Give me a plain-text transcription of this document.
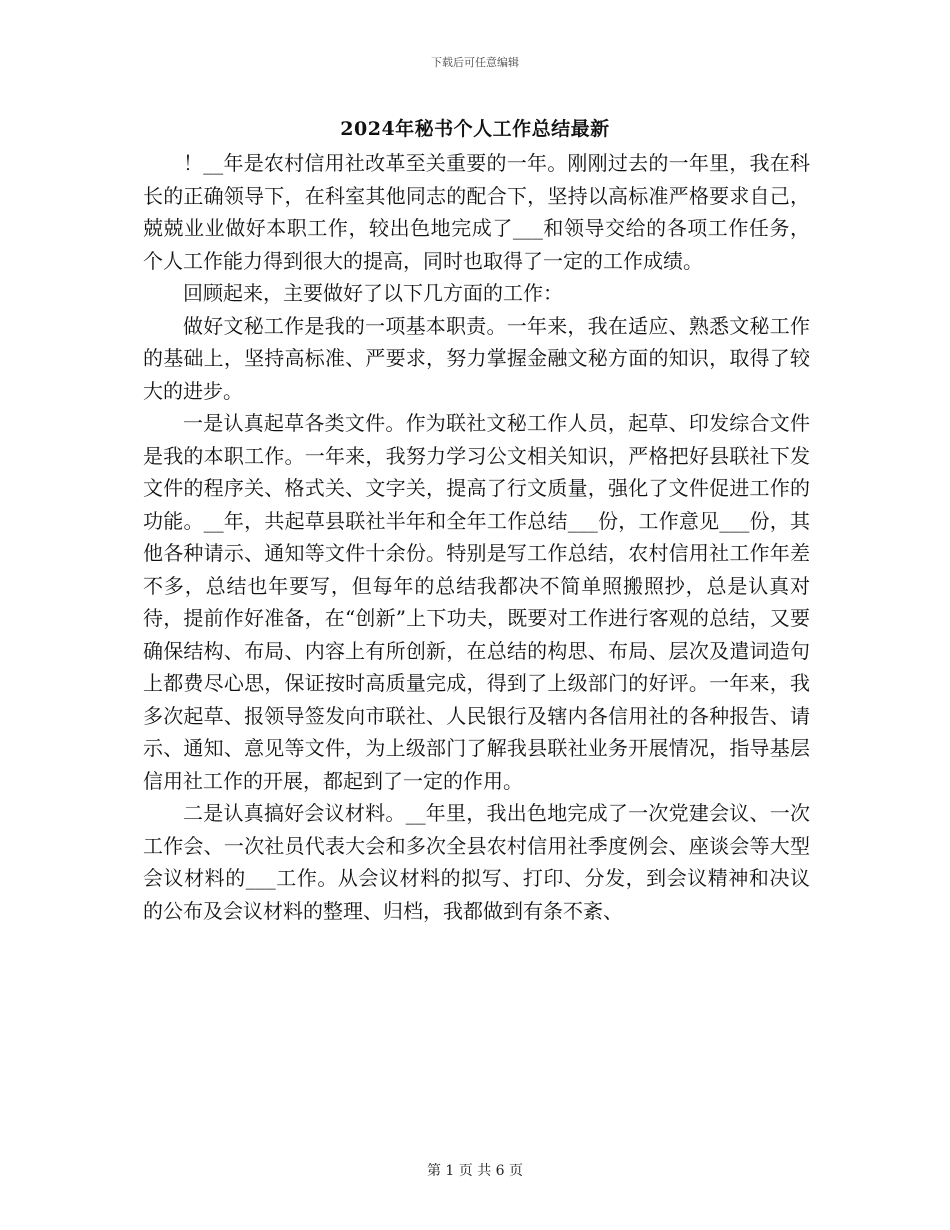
下载后可任意编辑
2024年秘书个人工作总结最新

！__年是农村信用社改革至关重要的一年。刚刚过去的一年里，我在科长的正确领导下，在科室其他同志的配合下，坚持以高标准严格要求自己，兢兢业业做好本职工作，较出色地完成了___和领导交给的各项工作任务，个人工作能力得到很大的提高，同时也取得了一定的工作成绩。

回顾起来，主要做好了以下几方面的工作：

做好文秘工作是我的一项基本职责。一年来，我在适应、熟悉文秘工作的基础上，坚持高标准、严要求，努力掌握金融文秘方面的知识，取得了较大的进步。

一是认真起草各类文件。作为联社文秘工作人员，起草、印发综合文件是我的本职工作。一年来，我努力学习公文相关知识，严格把好县联社下发文件的程序关、格式关、文字关，提高了行文质量，强化了文件促进工作的功能。__年，共起草县联社半年和全年工作总结___份，工作意见___份，其他各种请示、通知等文件十余份。特别是写工作总结，农村信用社工作年差不多，总结也年要写，但每年的总结我都决不简单照搬照抄，总是认真对待，提前作好准备，在“创新”上下功夫，既要对工作进行客观的总结，又要确保结构、布局、内容上有所创新，在总结的构思、布局、层次及遣词造句上都费尽心思，保证按时高质量完成，得到了上级部门的好评。一年来，我多次起草、报领导签发向市联社、人民银行及辖内各信用社的各种报告、请示、通知、意见等文件，为上级部门了解我县联社业务开展情况，指导基层信用社工作的开展，都起到了一定的作用。

二是认真搞好会议材料。__年里，我出色地完成了一次党建会议、一次工作会、一次社员代表大会和多次全县农村信用社季度例会、座谈会等大型会议材料的___工作。从会议材料的拟写、打印、分发，到会议精神和决议的公布及会议材料的整理、归档，我都做到有条不紊、

第 1 页 共 6 页
